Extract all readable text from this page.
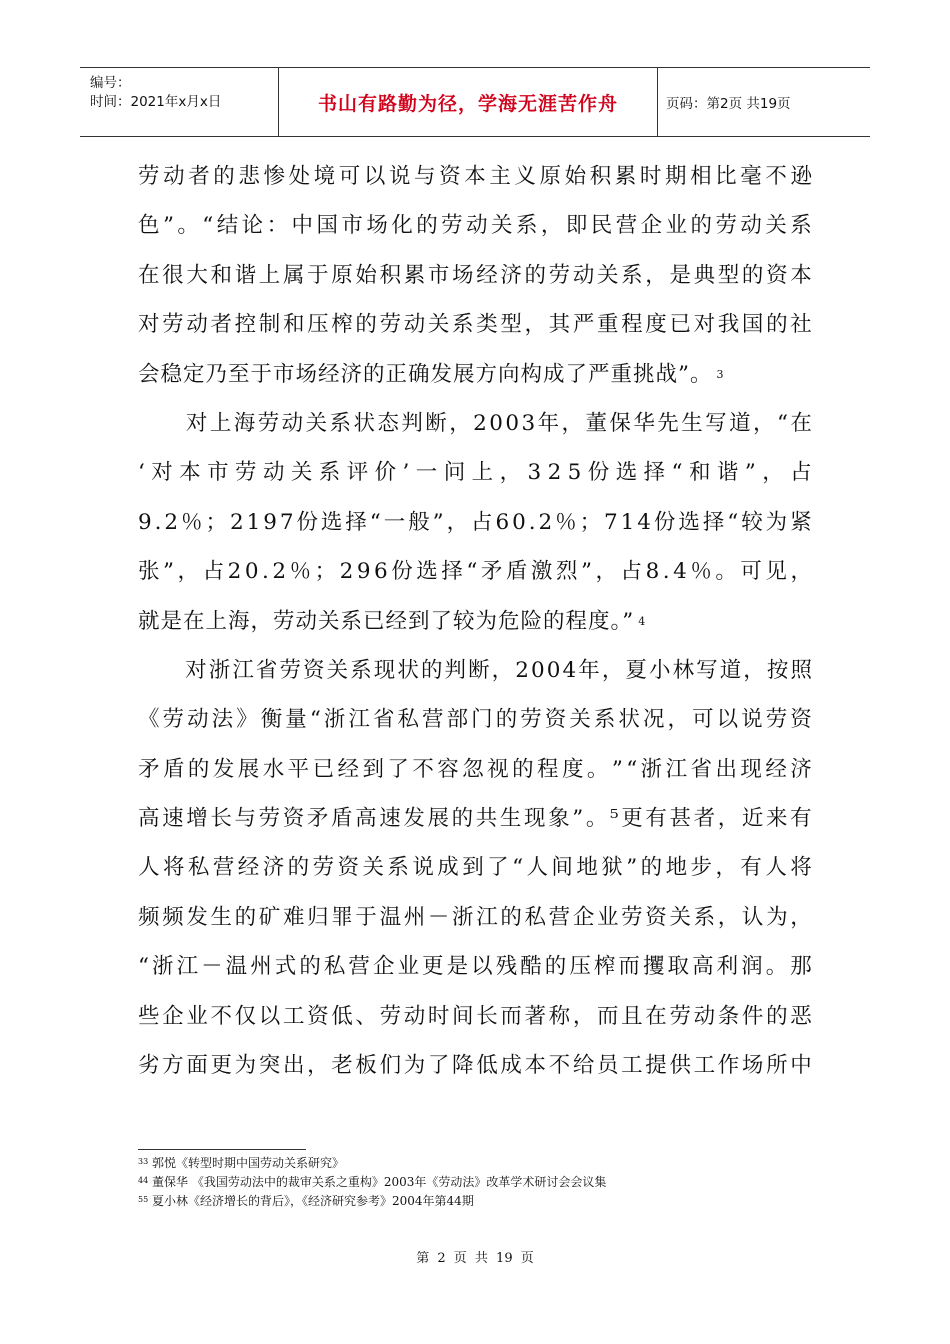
编号：
时间：2021年x月x日	书山有路勤为径，学海无涯苦作舟	页码：第2页 共19页
劳 动 者 的 悲 惨 处 境 可 以 说 与 资 本 主 义 原 始 积 累 时 期 相 比 毫 不 逊
色 ” 。 “ 结 论 ： 中 国 市 场 化 的 劳 动 关 系 ， 即 民 营 企 业 的 劳 动 关 系
在 很 大 和 谐 上 属 于 原 始 积 累 市 场 经 济 的 劳 动 关 系 ， 是 典 型 的 资 本
对 劳 动 者 控 制 和 压 榨 的 劳 动 关 系 类 型 ， 其 严 重 程 度 已 对 我 国 的 社
会稳定乃至于市场经济的正确发展方向构成了严重挑战”。 3

对 上 海 劳 动 关 系 状 态 判 断 ， 2 0 0 3 年 ， 董 保 华 先 生 写 道 ， “ 在
‘ 对 本 市 劳 动 关 系 评 价 ’ 一 问 上 ， 3 2 5 份 选 择 “ 和 谐 ” ， 占
9 . 2 ％ ； 2 1 9 7 份 选 择 “ 一 般 ” ， 占 6 0 . 2 ％ ； 7 1 4 份 选 择 “ 较 为 紧
张 ” ， 占 2 0 . 2 ％ ； 2 9 6 份 选 择 “ 矛 盾 激 烈 ” ， 占 8 . 4 ％ 。 可 见 ，
就是在上海，劳动关系已经到了较为危险的程度。” 4

对 浙 江 省 劳 资 关 系 现 状 的 判 断 ， 2 0 0 4 年 ， 夏 小 林 写 道 ， 按 照
《 劳 动 法 》 衡 量 “ 浙 江 省 私 营 部 门 的 劳 资 关 系 状 况 ， 可 以 说 劳 资
矛 盾 的 发 展 水 平 已 经 到 了 不 容 忽 视 的 程 度 。 ” “ 浙 江 省 出 现 经 济
高 速 增 长 与 劳 资 矛 盾 高 速 发 展 的 共 生 现 象 ” 。 ⁵ 更 有 甚 者 ， 近 来 有
人 将 私 营 经 济 的 劳 资 关 系 说 成 到 了 “ 人 间 地 狱 ” 的 地 步 ， 有 人 将
频 频 发 生 的 矿 难 归 罪 于 温 州 － 浙 江 的 私 营 企 业 劳 资 关 系 ， 认 为 ，
“ 浙 江 － 温 州 式 的 私 营 企 业 更 是 以 残 酷 的 压 榨 而 攫 取 高 利 润 。 那
些 企 业 不 仅 以 工 资 低 、 劳 动 时 间 长 而 著 称 ， 而 且 在 劳 动 条 件 的 恶
劣 方 面 更 为 突 出 ， 老 板 们 为 了 降 低 成 本 不 给 员 工 提 供 工 作 场 所 中
$^{33}$ 郭悦《转型时期中国劳动关系研究》
$^{44}$ 董保华 《我国劳动法中的裁审关系之重构》2003年《劳动法》改革学术研讨会会议集
$^{55}$ 夏小林《经济增长的背后》，《经济研究参考》2004年第44期
第 2 页 共 19 页
